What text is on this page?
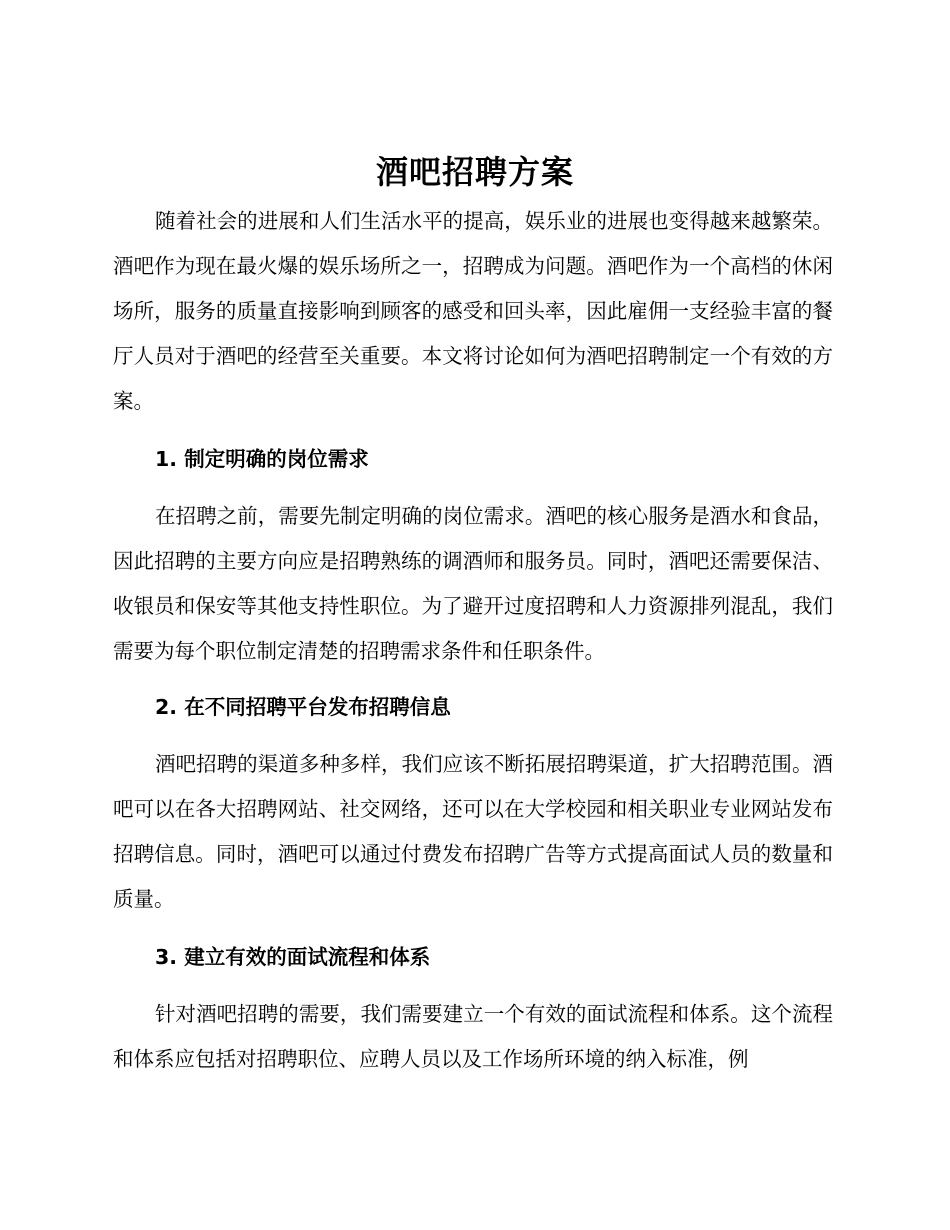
酒吧招聘方案

随着社会的进展和人们生活水平的提高，娱乐业的进展也变得越来越繁荣。酒吧作为现在最火爆的娱乐场所之一，招聘成为问题。酒吧作为一个高档的休闲场所，服务的质量直接影响到顾客的感受和回头率，因此雇佣一支经验丰富的餐厅人员对于酒吧的经营至关重要。本文将讨论如何为酒吧招聘制定一个有效的方案。

1. 制定明确的岗位需求

在招聘之前，需要先制定明确的岗位需求。酒吧的核心服务是酒水和食品，因此招聘的主要方向应是招聘熟练的调酒师和服务员。同时，酒吧还需要保洁、收银员和保安等其他支持性职位。为了避开过度招聘和人力资源排列混乱，我们需要为每个职位制定清楚的招聘需求条件和任职条件。

2. 在不同招聘平台发布招聘信息

酒吧招聘的渠道多种多样，我们应该不断拓展招聘渠道，扩大招聘范围。酒吧可以在各大招聘网站、社交网络，还可以在大学校园和相关职业专业网站发布招聘信息。同时，酒吧可以通过付费发布招聘广告等方式提高面试人员的数量和质量。

3. 建立有效的面试流程和体系

针对酒吧招聘的需要，我们需要建立一个有效的面试流程和体系。这个流程和体系应包括对招聘职位、应聘人员以及工作场所环境的纳入标准，例
